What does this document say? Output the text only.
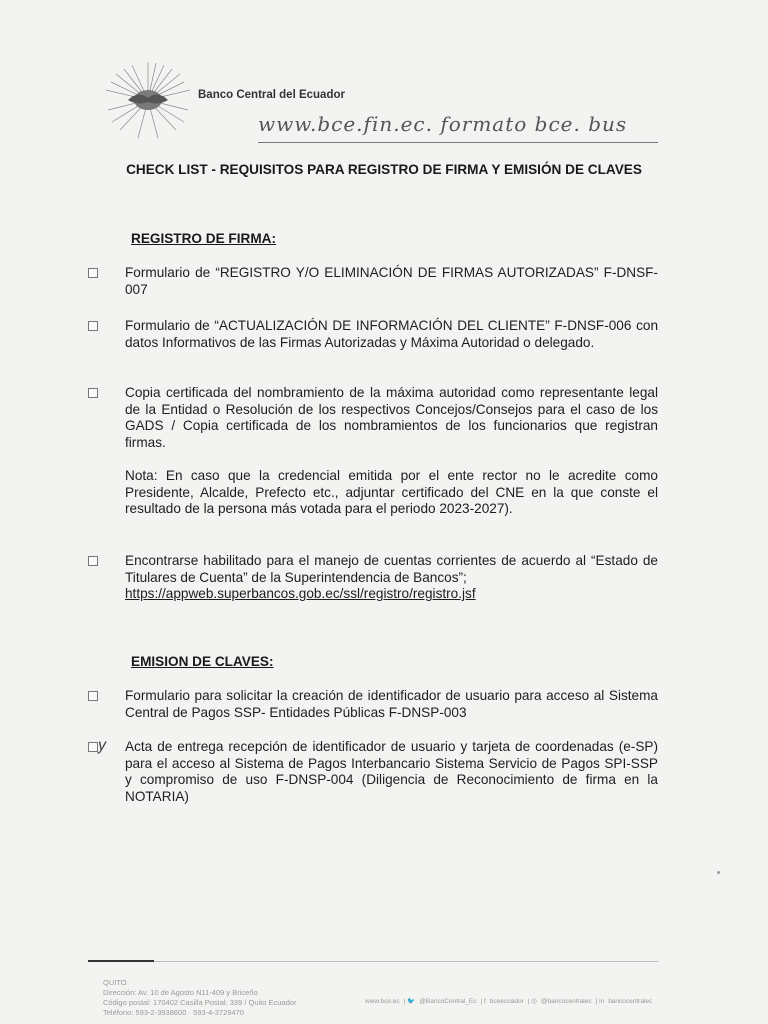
Banco Central del Ecuador
www.bce.fin.ec. formato bce. bus
CHECK LIST - REQUISITOS PARA REGISTRO DE FIRMA Y EMISIÓN DE CLAVES
REGISTRO DE FIRMA:
Formulario de “REGISTRO Y/O ELIMINACIÓN DE FIRMAS AUTORIZADAS” F-DNSF-007
Formulario de “ACTUALIZACIÓN DE INFORMACIÓN DEL CLIENTE” F-DNSF-006 con datos Informativos de las Firmas Autorizadas y Máxima Autoridad o delegado.
Copia certificada del nombramiento de la máxima autoridad como representante legal de la Entidad o Resolución de los respectivos Concejos/Consejos para el caso de los GADS / Copia certificada de los nombramientos de los funcionarios que registran firmas.
Nota: En caso que la credencial emitida por el ente rector no le acredite como Presidente, Alcalde, Prefecto etc., adjuntar certificado del CNE en la que conste el resultado de la persona más votada para el periodo 2023-2027).
Encontrarse habilitado para el manejo de cuentas corrientes de acuerdo al “Estado de Titulares de Cuenta” de la Superintendencia de Bancos”;
https://appweb.superbancos.gob.ec/ssl/registro/registro.jsf
EMISION DE CLAVES:
Formulario para solicitar la creación de identificador de usuario para acceso al Sistema Central de Pagos SSP- Entidades Públicas F-DNSP-003
y Acta de entrega recepción de identificador de usuario y tarjeta de coordenadas (e-SP) para el acceso al Sistema de Pagos Interbancario Sistema Servicio de Pagos SPI-SSP y compromiso de uso F-DNSP-004 (Diligencia de Reconocimiento de firma en la NOTARIA)
QUITO
Dirección: Av. 10 de Agosto N11-409 y Briceño
Código postal: 170402 Casilla Postal: 339 / Quito Ecuador
Teléfono: 593-2-3938600 · 593-4-3729470
www.bce.ec | 🐦 @BancoCentral_Ec | f bceecuador | ◎ @bancocentralec | in bancocentralec
